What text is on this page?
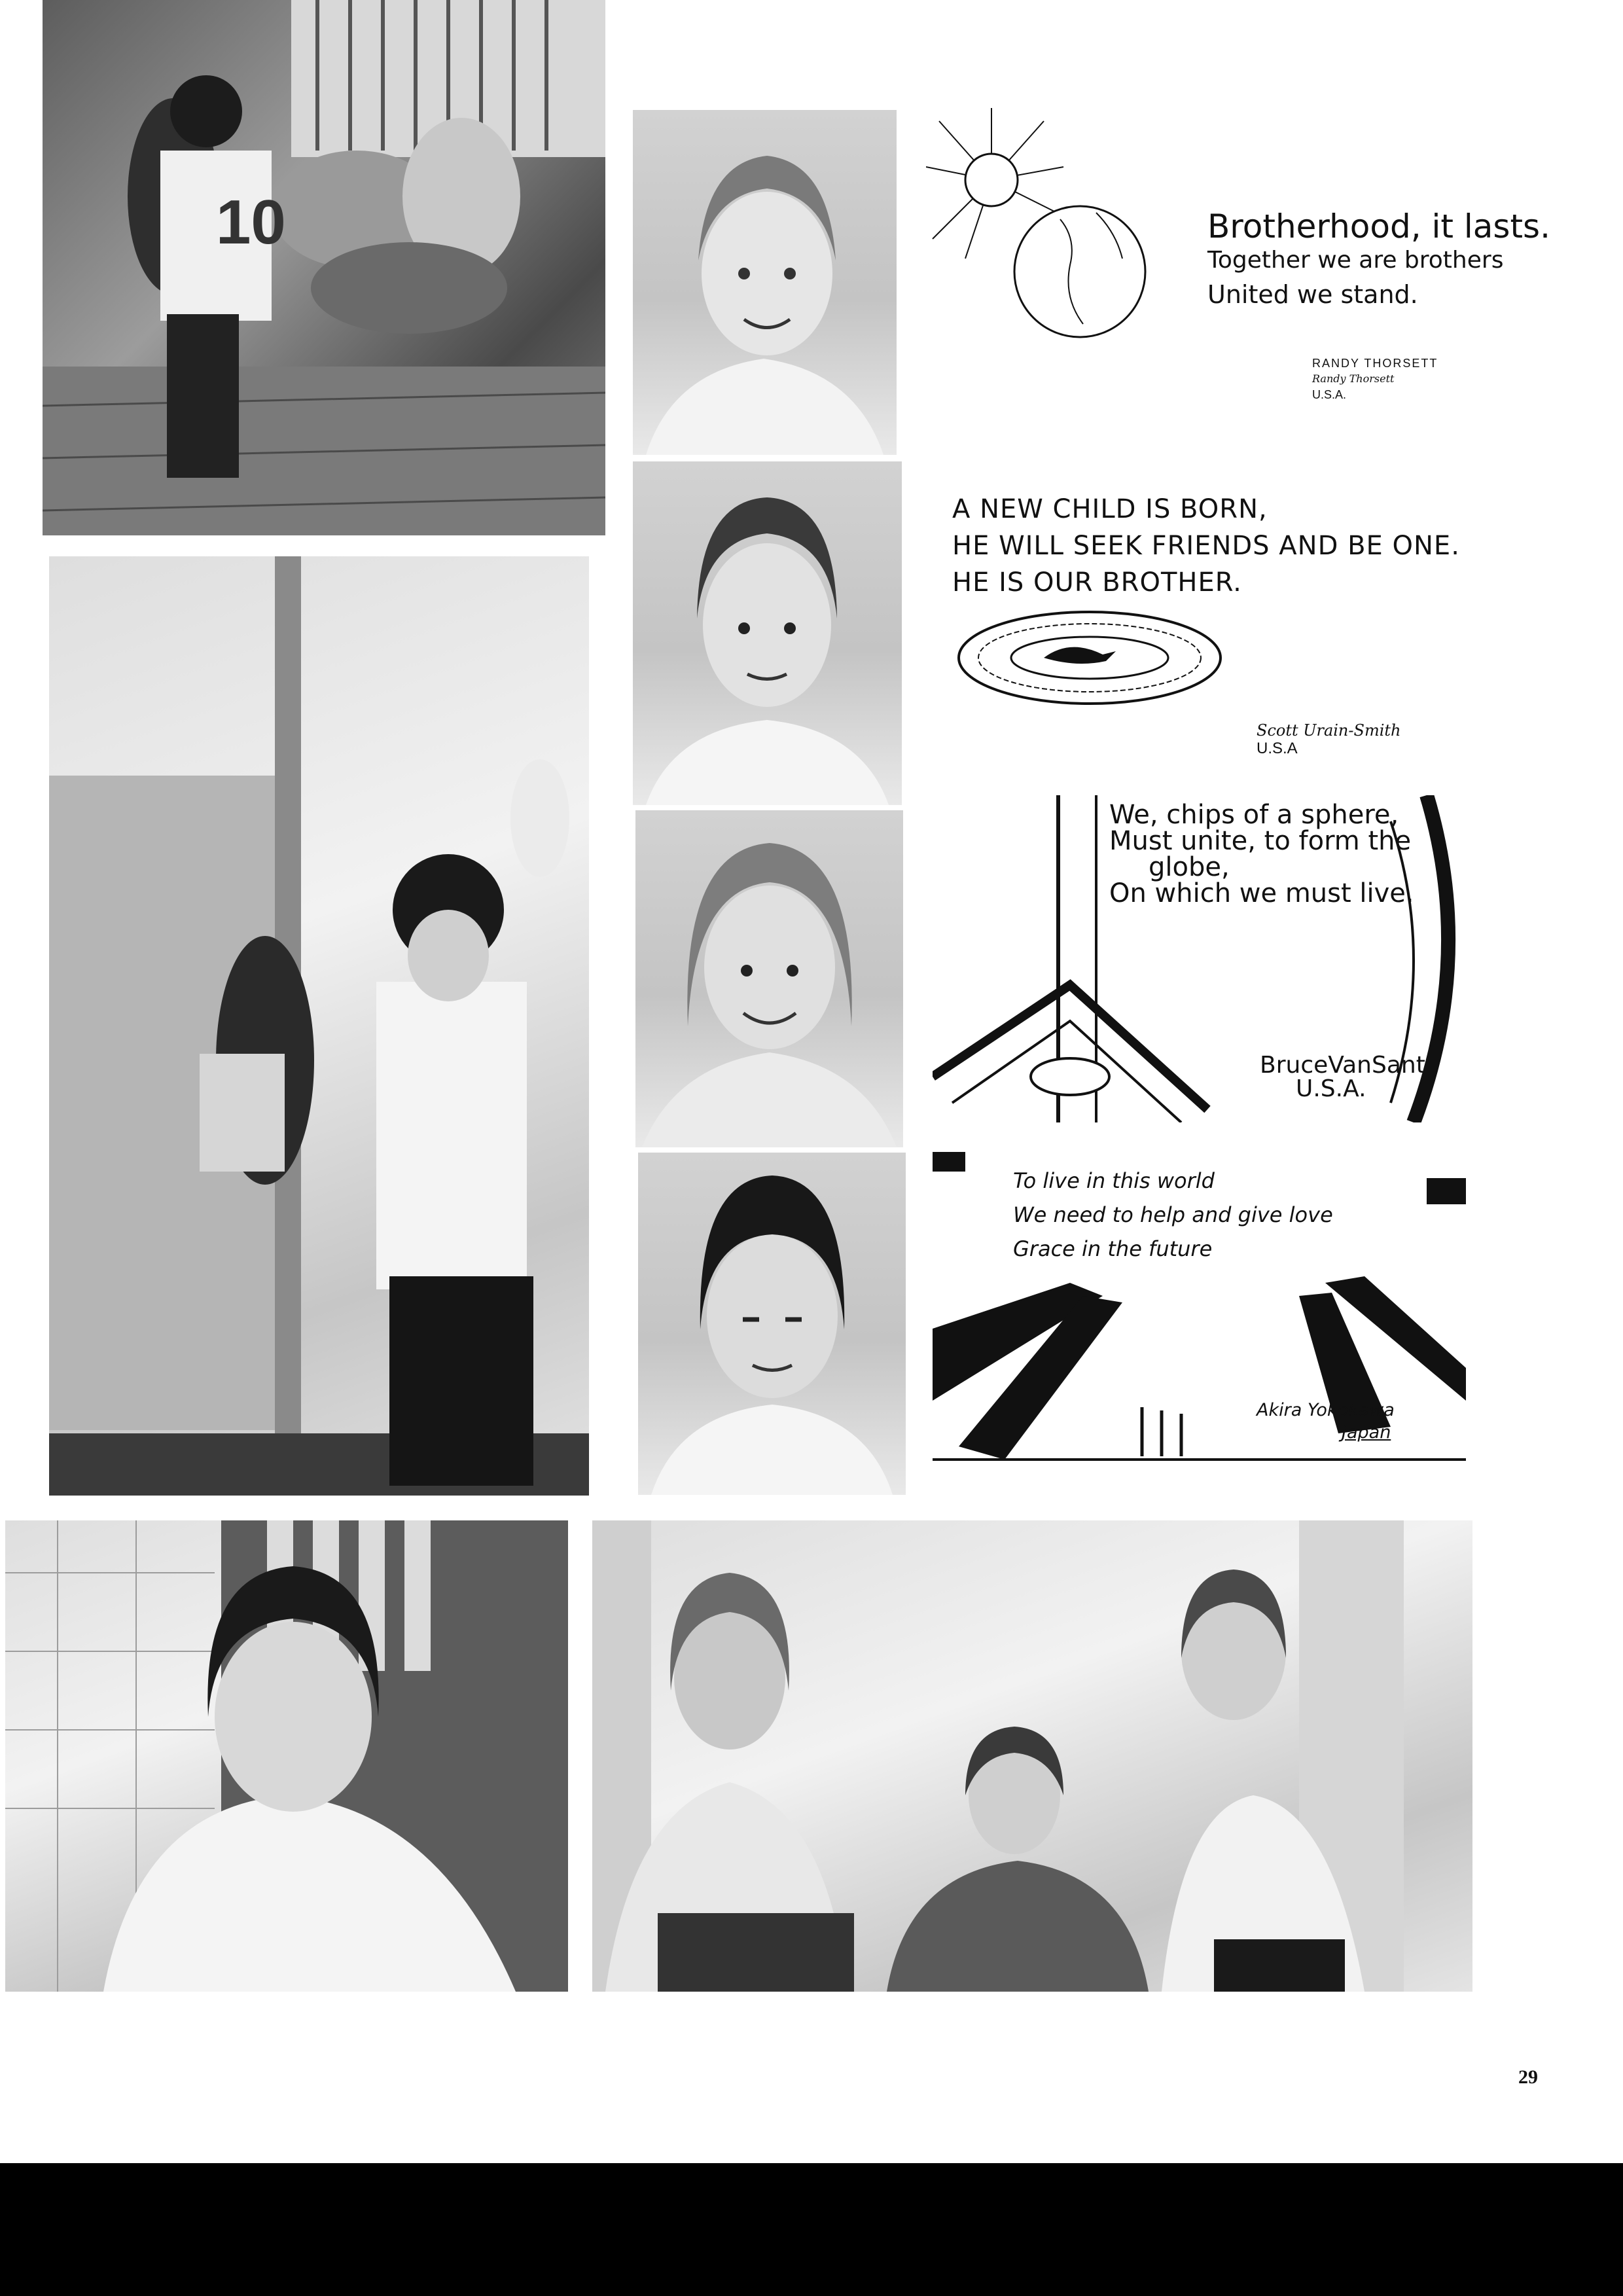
10	Brotherhood, it lasts.
Together we are brothers
United we stand.
RANDY THORSETT
Randy Thorsett
U.S.A.
A NEW CHILD IS BORN,
HE WILL SEEK FRIENDS AND BE ONE.
HE IS OUR BROTHER.
Scott Urain-Smith
U.S.A
We, chips of a sphere,
Must unite, to form the
globe,
On which we must live.
BruceVanSant
U.S.A.
To live in this world
We need to help and give love
Grace in the future
Akira Yokokawa
Japan
29
